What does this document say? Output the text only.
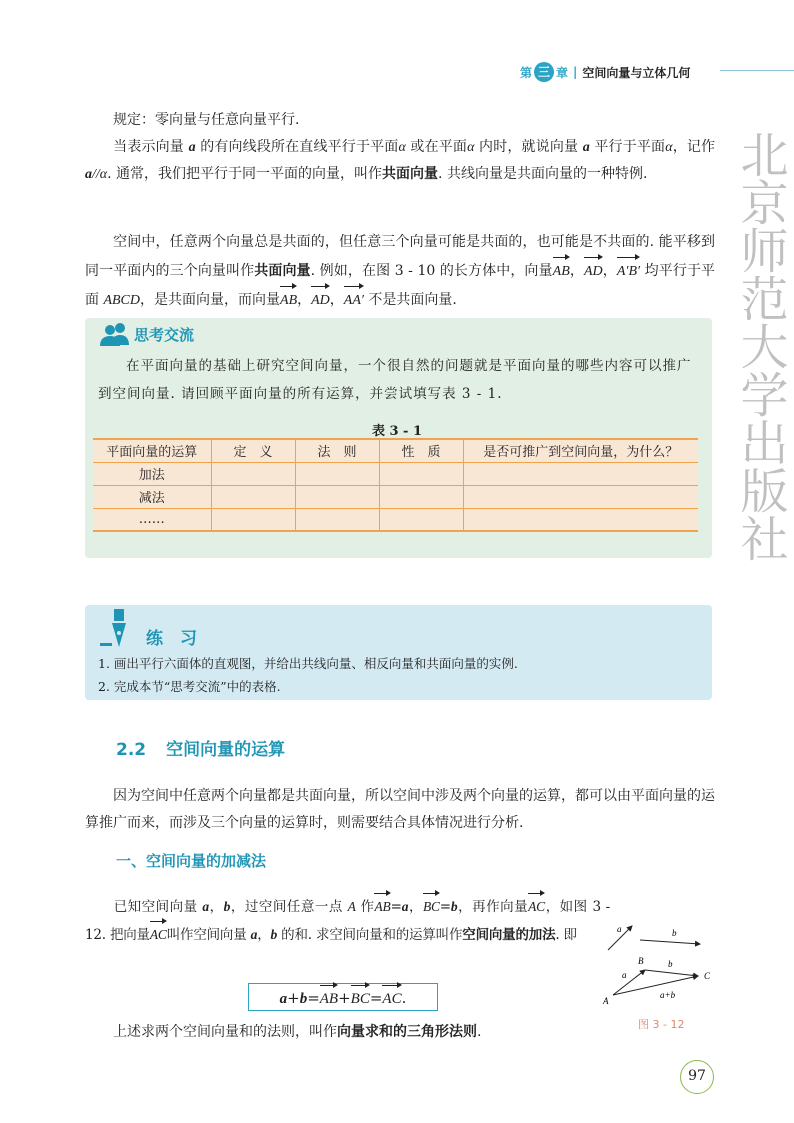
第 三 章 | 空间向量与立体几何
规定：零向量与任意向量平行.
当表示向量 a 的有向线段所在直线平行于平面α 或在平面α 内时，就说向量 a 平行于平面α，记作 a//α. 通常，我们把平行于同一平面的向量，叫作共面向量. 共线向量是共面向量的一种特例.
空间中，任意两个向量总是共面的，但任意三个向量可能是共面的，也可能是不共面的. 能平移到同一平面内的三个向量叫作共面向量. 例如，在图 3 - 10 的长方体中，向量AB，AD，A′B′ 均平行于平面 ABCD，是共面向量，而向量AB，AD，AA′ 不是共面向量.
思考交流
在平面向量的基础上研究空间向量，一个很自然的问题就是平面向量的哪些内容可以推广到空间向量. 请回顾平面向量的所有运算，并尝试填写表 3 - 1.
表 3 - 1
平面向量的运算	定　义	法　则	性　质	是否可推广到空间向量，为什么？
加法				
减法				
……				
练　习
1. 画出平行六面体的直观图，并给出共线向量、相反向量和共面向量的实例.
2. 完成本节“思考交流”中的表格.
2.2 空间向量的运算
因为空间中任意两个向量都是共面向量，所以空间中涉及两个向量的运算，都可以由平面向量的运算推广而来，而涉及三个向量的运算时，则需要结合具体情况进行分析.
一、空间向量的加减法
已知空间向量 a，b，过空间任意一点 A 作AB=a，BC=b，再作向量AC，如图 3 - 12. 把向量AC叫作空间向量 a，b 的和. 求空间向量和的运算叫作空间向量的加法. 即
a+b=AB+BC=AC.
上述求两个空间向量和的法则，叫作向量求和的三角形法则.
a	b
A
B
C
a
b
a+b
图 3 - 12
97
北京师范大学出版社
